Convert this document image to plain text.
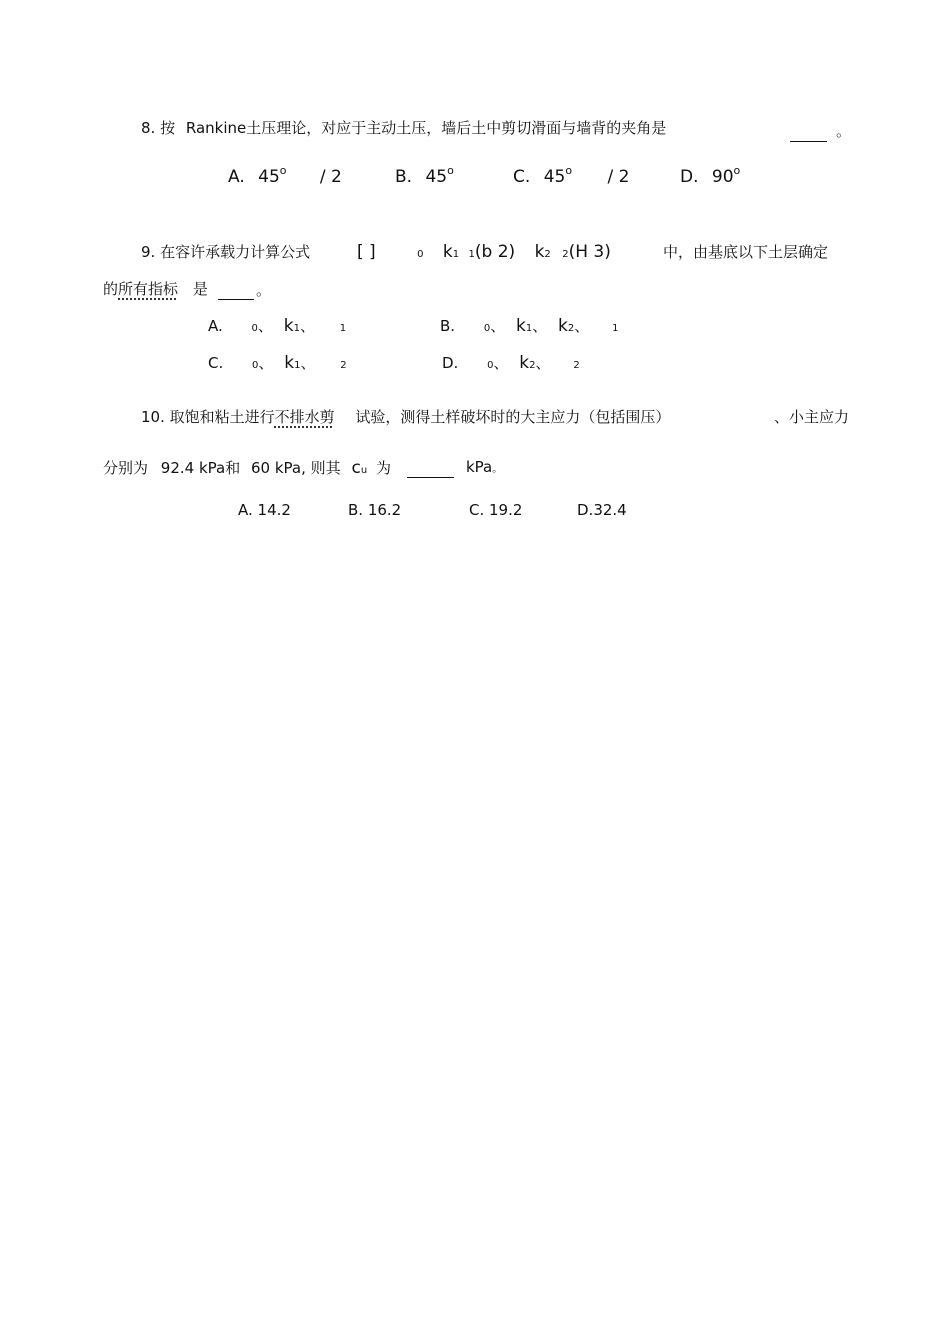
8. 按 Rankine土压理论，对应于主动土压，墙后土中剪切滑面与墙背的夹角是	。
A. 45$^o$ / 2	B. 45$^o$	C. 45$^o$ / 2	D. 90$^o$
9. 在容许承载力计算公式	[ ]	0 k1 1(b 2) k2 2(H 3)	中，由基底以下土层确定
的所有指标 是	。
A.	0、 k1、 1	B.	0、 k1、 k2、 1
C.	0、 k1、 2	D.	0、 k2、 2
10. 取饱和粘土进行不排水剪 试验，测得土样破坏时的大主应力（包括围压）	、小主应力
分别为 92.4 kPa和 60 kPa, 则其 cu 为	kPa。
A. 14.2	B. 16.2	C. 19.2	D.32.4
